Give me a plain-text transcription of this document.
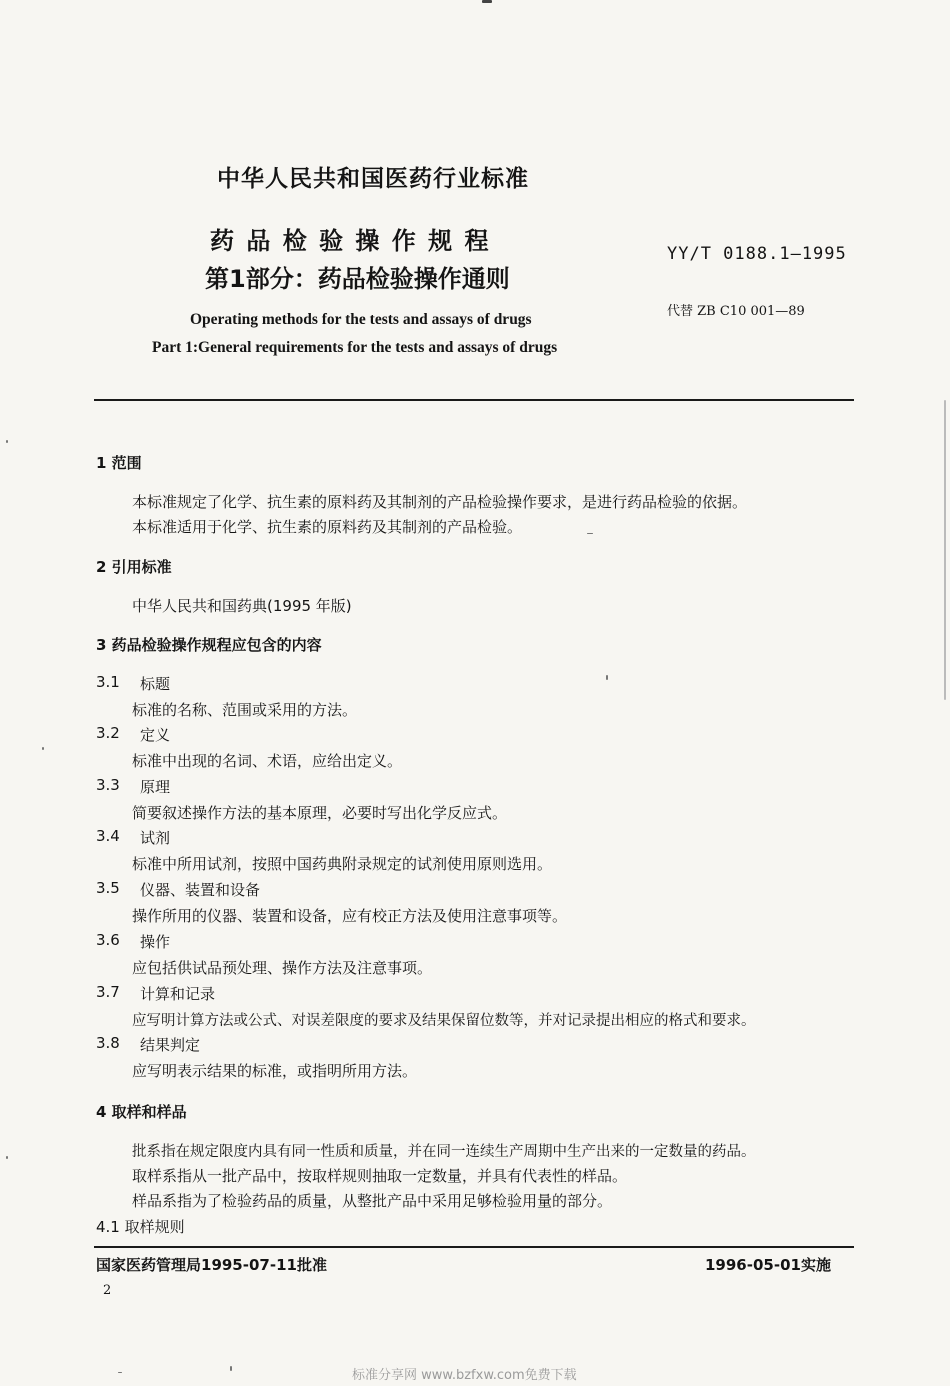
中华人民共和国医药行业标准
药 品 检 验 操 作 规 程
第1部分：药品检验操作通则
YY/T 0188.1—1995
代替 ZB C10 001—89
Operating methods for the tests and assays of drugs
Part 1:General requirements for the tests and assays of drugs
1 范围
本标准规定了化学、抗生素的原料药及其制剂的产品检验操作要求，是进行药品检验的依据。
本标准适用于化学、抗生素的原料药及其制剂的产品检验。
2 引用标准
中华人民共和国药典(1995 年版)
3 药品检验操作规程应包含的内容
3.1 标题
标准的名称、范围或采用的方法。
3.2 定义
标准中出现的名词、术语，应给出定义。
3.3 原理
简要叙述操作方法的基本原理，必要时写出化学反应式。
3.4 试剂
标准中所用试剂，按照中国药典附录规定的试剂使用原则选用。
3.5 仪器、装置和设备
操作所用的仪器、装置和设备，应有校正方法及使用注意事项等。
3.6 操作
应包括供试品预处理、操作方法及注意事项。
3.7 计算和记录
应写明计算方法或公式、对误差限度的要求及结果保留位数等，并对记录提出相应的格式和要求。
3.8 结果判定
应写明表示结果的标准，或指明所用方法。
4 取样和样品
批系指在规定限度内具有同一性质和质量，并在同一连续生产周期中生产出来的一定数量的药品。
取样系指从一批产品中，按取样规则抽取一定数量，并具有代表性的样品。
样品系指为了检验药品的质量，从整批产品中采用足够检验用量的部分。
4.1 取样规则
国家医药管理局1995-07-11批准	1996-05-01实施
2
标准分享网 www.bzfxw.com免费下载
